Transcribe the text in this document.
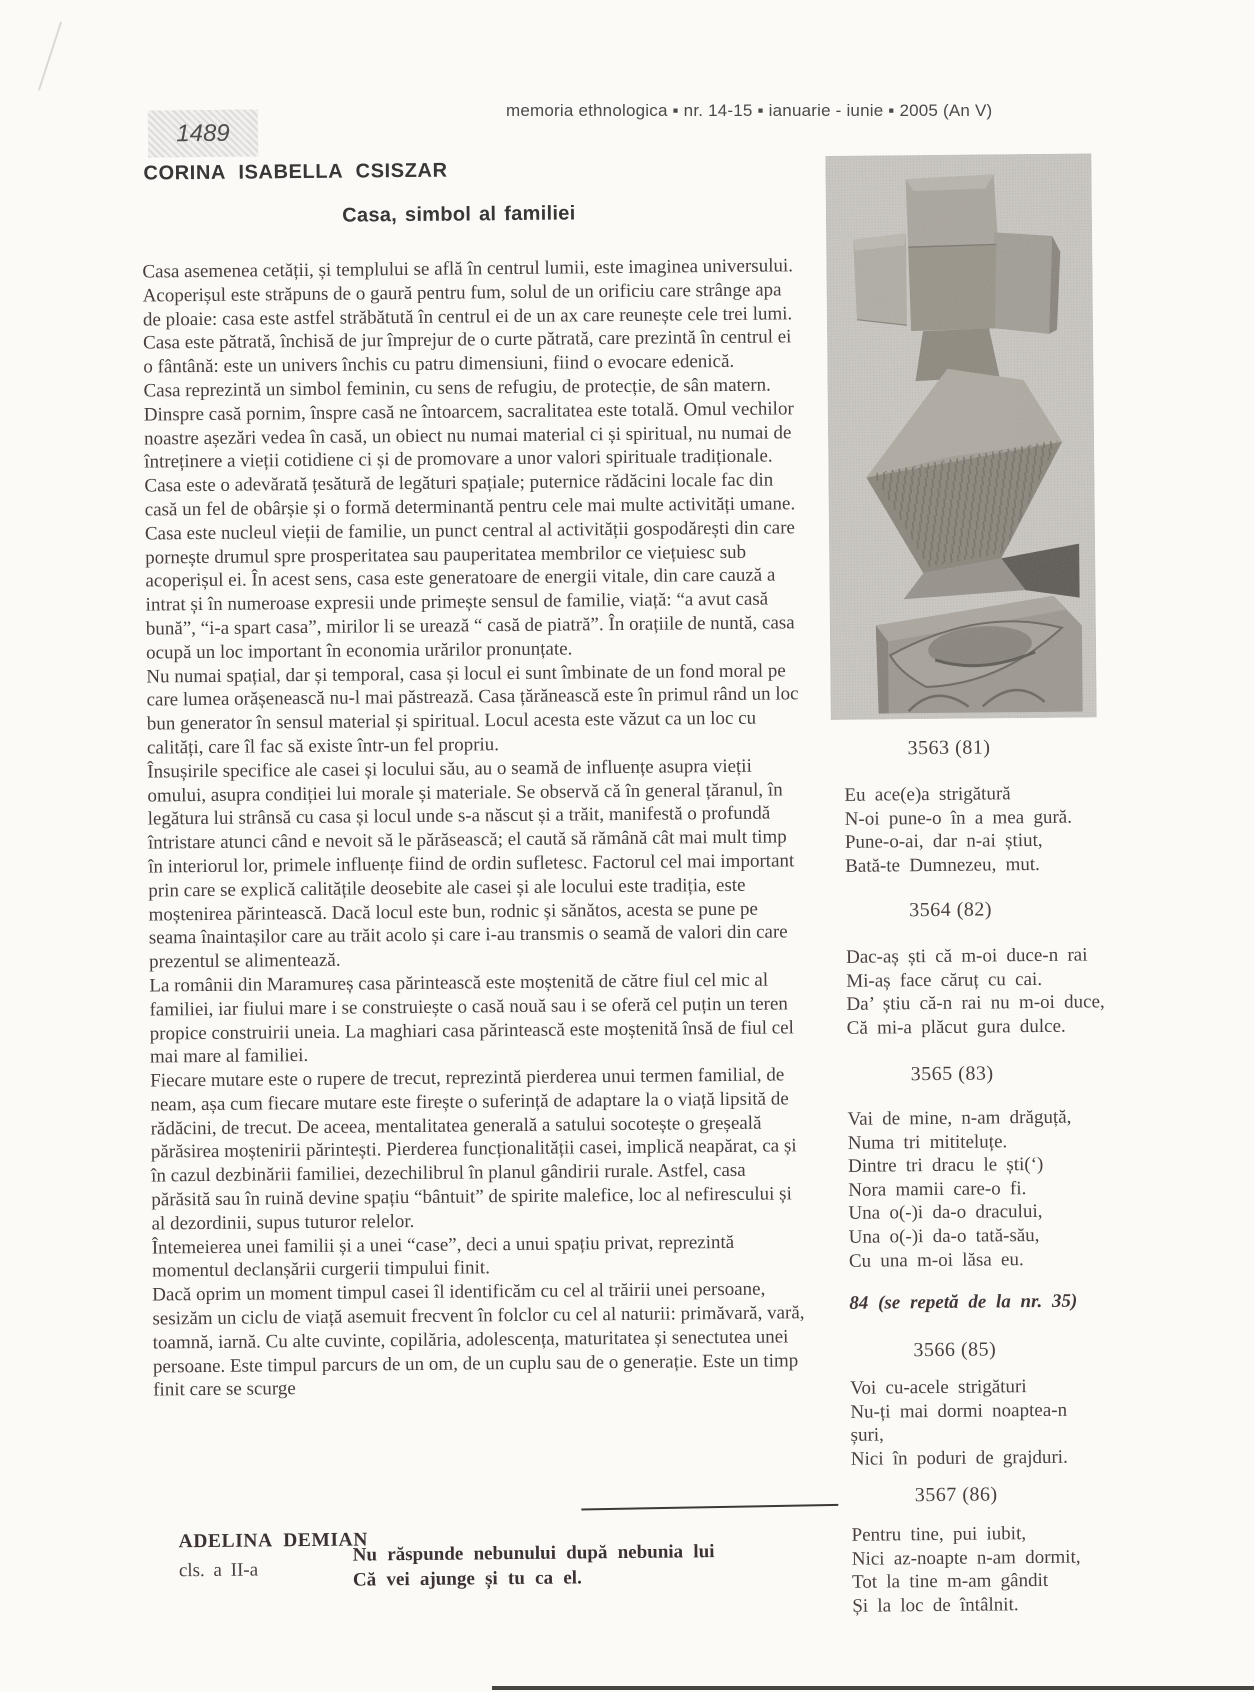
memoria ethnologica ▪ nr. 14-15 ▪ ianuarie - iunie ▪ 2005 (An V)
1489
CORINA ISABELLA CSISZAR
Casa, simbol al familiei
Casa asemenea cetății, și templului se află în centrul lumii, este imaginea universului. Acoperișul este străpuns de o gaură pentru fum, solul de un orificiu care strânge apa de ploaie: casa este astfel străbătută în centrul ei de un ax care reunește cele trei lumi. Casa este pătrată, închisă de jur împrejur de o curte pătrată, care prezintă în centrul ei o fântână: este un univers închis cu patru dimensiuni, fiind o evocare edenică.
Casa reprezintă un simbol feminin, cu sens de refugiu, de protecție, de sân matern. Dinspre casă pornim, înspre casă ne întoarcem, sacralitatea este totală. Omul vechilor noastre așezări vedea în casă, un obiect nu numai material ci și spiritual, nu numai de întreținere a vieții cotidiene ci și de promovare a unor valori spirituale tradiționale. Casa este o adevărată țesătură de legături spațiale; puternice rădăcini locale fac din casă un fel de obârșie și o formă determinantă pentru cele mai multe activități umane. Casa este nucleul vieții de familie, un punct central al activității gospodărești din care pornește drumul spre prosperitatea sau pauperitatea membrilor ce viețuiesc sub acoperișul ei. În acest sens, casa este generatoare de energii vitale, din care cauză a intrat și în numeroase expresii unde primește sensul de familie, viață: “a avut casă bună”, “i-a spart casa”, mirilor li se urează “ casă de piatră”. În orațiile de nuntă, casa ocupă un loc important în economia urărilor pronunțate.
Nu numai spațial, dar și temporal, casa și locul ei sunt îmbinate de un fond moral pe care lumea orășenească nu-l mai păstrează. Casa țărănească este în primul rând un loc bun generator în sensul material și spiritual. Locul acesta este văzut ca un loc cu calități, care îl fac să existe într-un fel propriu.
Însușirile specifice ale casei și locului său, au o seamă de influențe asupra vieții omului, asupra condiției lui morale și materiale. Se observă că în general țăranul, în legătura lui strânsă cu casa și locul unde s-a născut și a trăit, manifestă o profundă întristare atunci când e nevoit să le părăsească; el caută să rămână cât mai mult timp în interiorul lor, primele influențe fiind de ordin sufletesc. Factorul cel mai important prin care se explică calitățile deosebite ale casei și ale locului este tradiția, este moștenirea părintească. Dacă locul este bun, rodnic și sănătos, acesta se pune pe seama înaintașilor care au trăit acolo și care i-au transmis o seamă de valori din care prezentul se alimentează.
La românii din Maramureș casa părintească este moștenită de către fiul cel mic al familiei, iar fiului mare i se construiește o casă nouă sau i se oferă cel puțin un teren propice construirii uneia. La maghiari casa părintească este moștenită însă de fiul cel mai mare al familiei.
Fiecare mutare este o rupere de trecut, reprezintă pierderea unui termen familial, de neam, așa cum fiecare mutare este firește o suferință de adaptare la o viață lipsită de rădăcini, de trecut. De aceea, mentalitatea generală a satului socotește o greșeală părăsirea moștenirii părintești. Pierderea funcționalității casei, implică neapărat, ca și în cazul dezbinării familiei, dezechilibrul în planul gândirii rurale. Astfel, casa părăsită sau în ruină devine spațiu “bântuit” de spirite malefice, loc al nefirescului și al dezordinii, supus tuturor relelor.
Întemeierea unei familii și a unei “case”, deci a unui spațiu privat, reprezintă momentul declanșării curgerii timpului finit.
Dacă oprim un moment timpul casei îl identificăm cu cel al trăirii unei persoane, sesizăm un ciclu de viață asemuit frecvent în folclor cu cel al naturii: primăvară, vară, toamnă, iarnă. Cu alte cuvinte, copilăria, adolescența, maturitatea și senectutea unei persoane. Este timpul parcurs de un om, de un cuplu sau de o generație. Este un timp finit care se scurge
3563 (81)
Eu ace(e)a strigătură
N-oi pune-o în a mea gură.
Pune-o-ai, dar n-ai știut,
Bată-te Dumnezeu, mut.
3564 (82)
Dac-aș ști că m-oi duce-n rai
Mi-aș face căruț cu cai.
Da’ știu că-n rai nu m-oi duce,
Că mi-a plăcut gura dulce.
3565 (83)
Vai de mine, n-am drăguță,
Numa tri mititeluțe.
Dintre tri dracu le ști(‘)
Nora mamii care-o fi.
Una o(-)i da-o dracului,
Una o(-)i da-o tată-său,
Cu una m-oi lăsa eu.
84 (se repetă de la nr. 35)
3566 (85)
Voi cu-acele strigături
Nu-ți mai dormi noaptea-n
șuri,
Nici în poduri de grajduri.
3567 (86)
Pentru tine, pui iubit,
Nici az-noapte n-am dormit,
Tot la tine m-am gândit
Și la loc de întâlnit.
ADELINA DEMIAN
cls. a II-a
Nu răspunde nebunului după nebunia lui
Că vei ajunge și tu ca el.
